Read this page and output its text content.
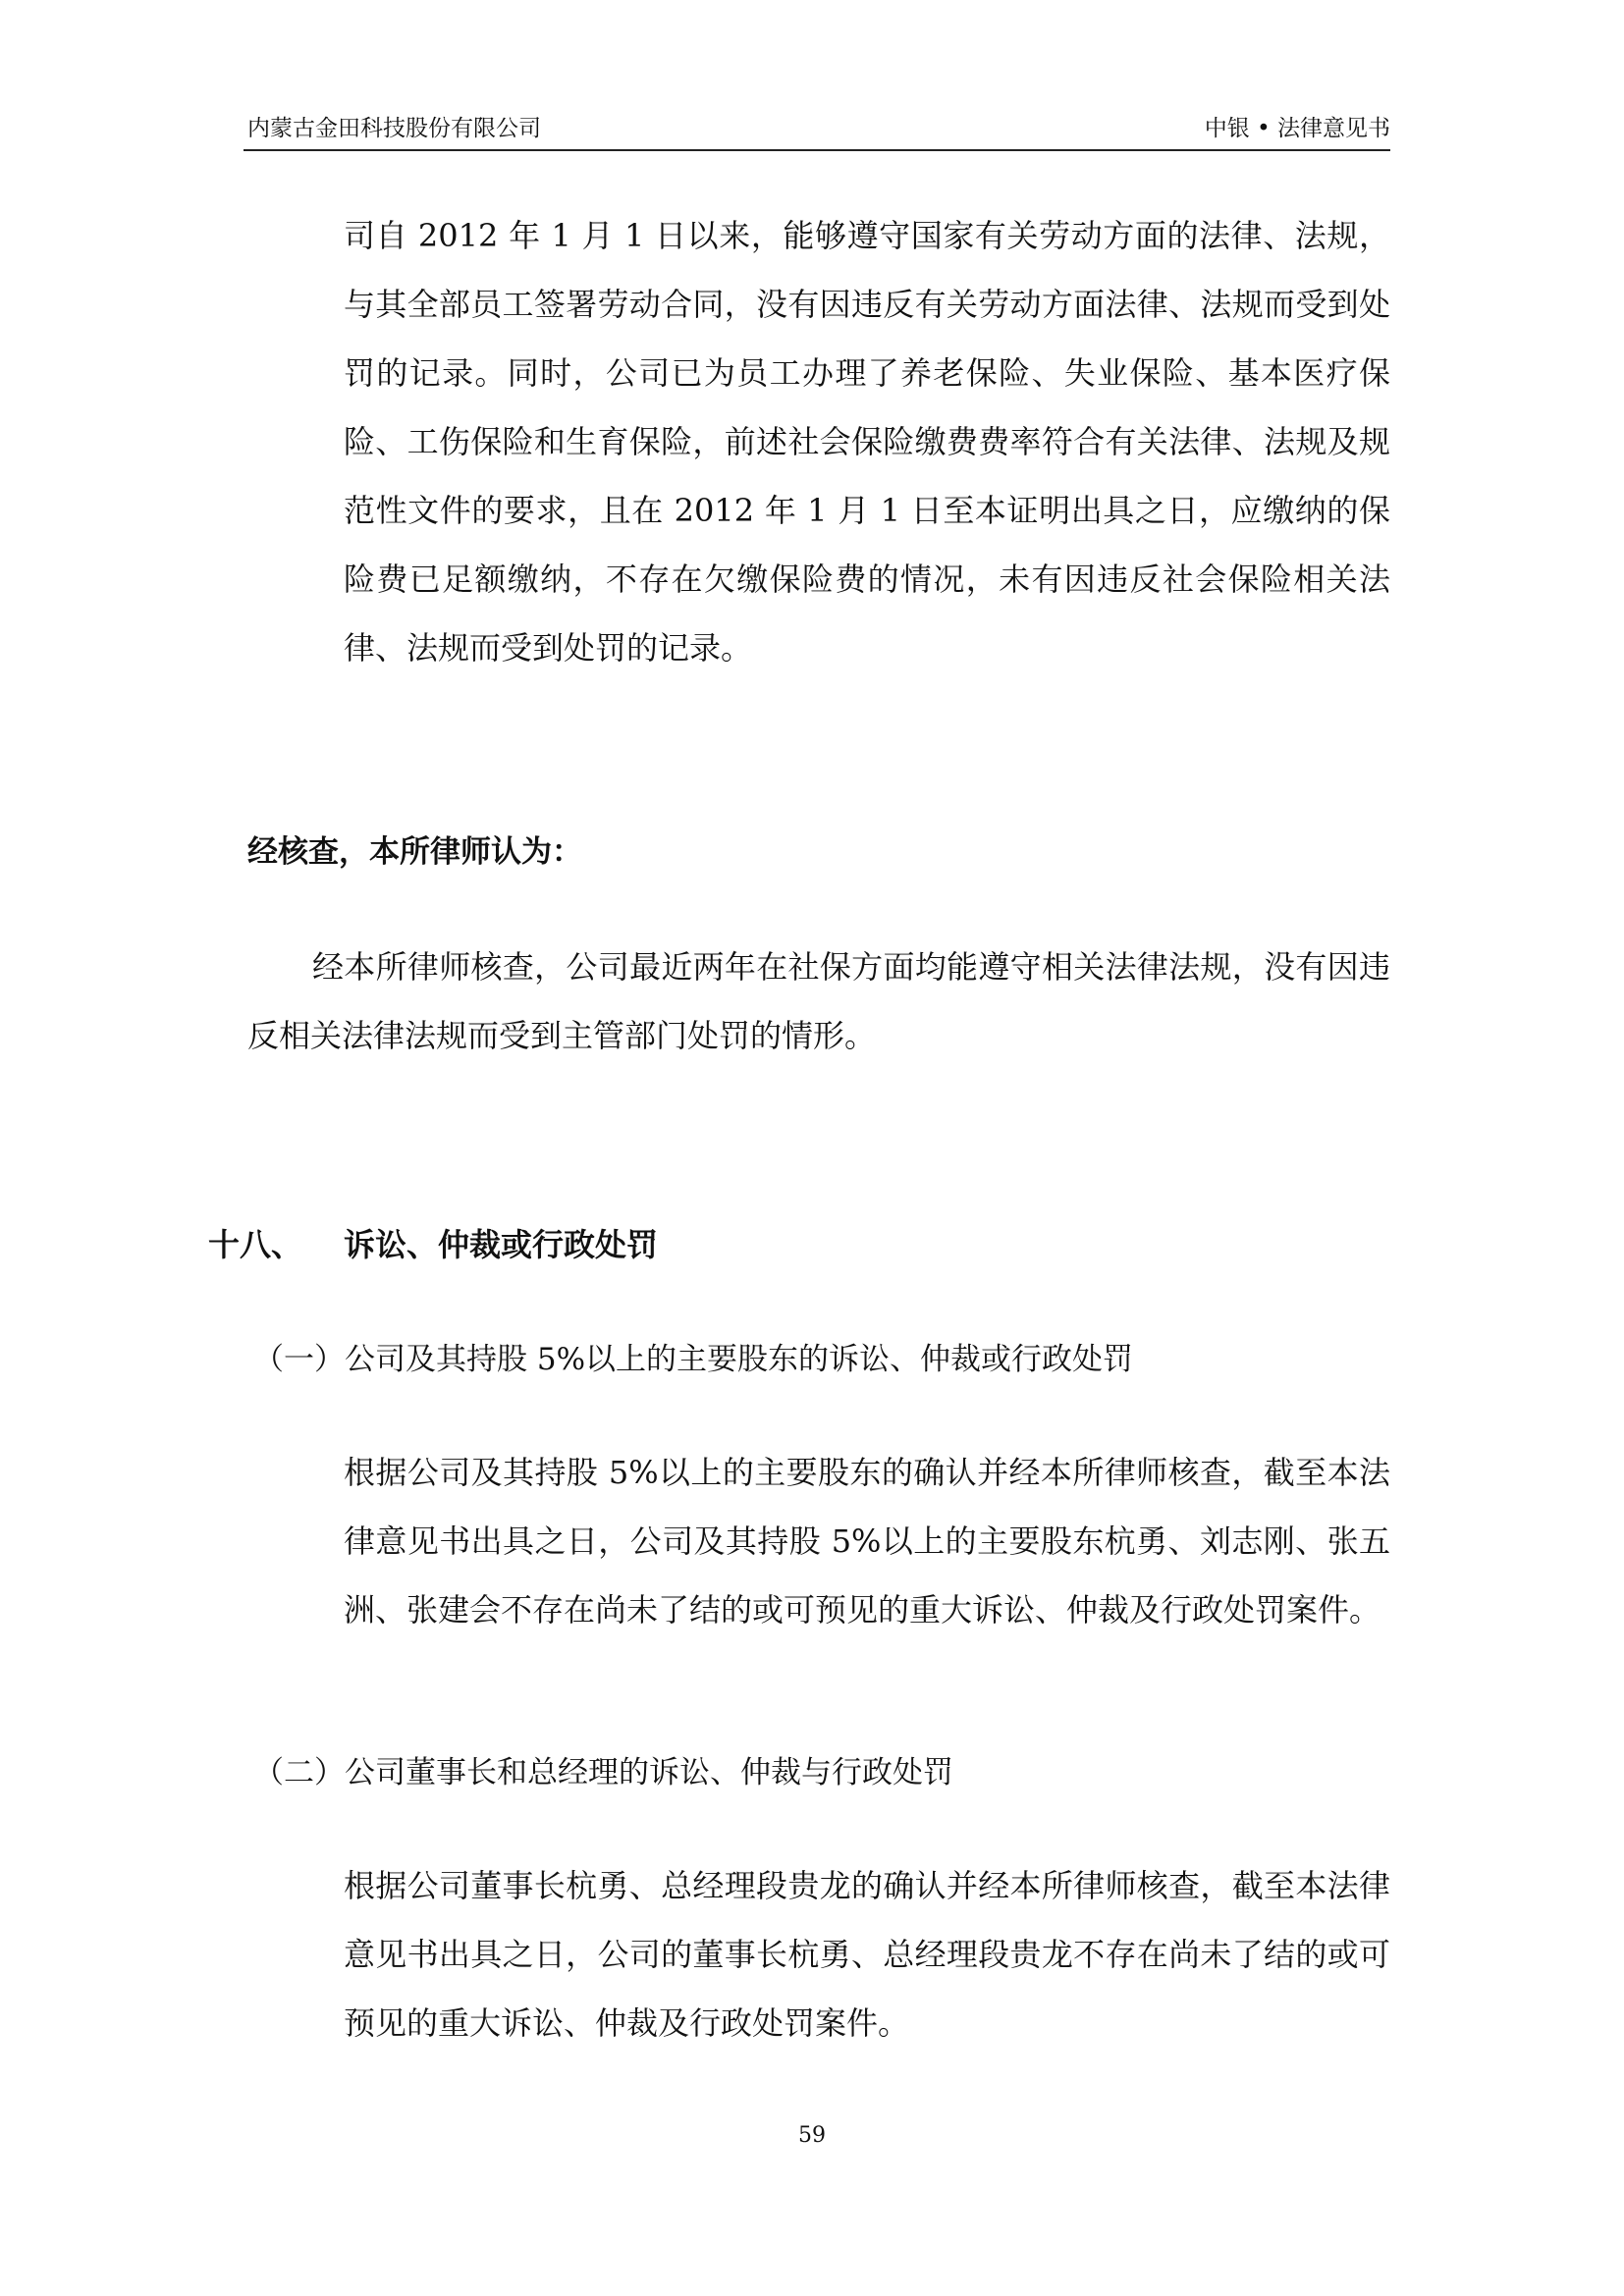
内蒙古金田科技股份有限公司	中银 • 法律意见书

司自 2012 年 1 月 1 日以来，能够遵守国家有关劳动方面的法律、法规，与其全部员工签署劳动合同，没有因违反有关劳动方面法律、法规而受到处罚的记录。同时，公司已为员工办理了养老保险、失业保险、基本医疗保险、工伤保险和生育保险，前述社会保险缴费费率符合有关法律、法规及规范性文件的要求，且在 2012 年 1 月 1 日至本证明出具之日，应缴纳的保险费已足额缴纳，不存在欠缴保险费的情况，未有因违反社会保险相关法律、法规而受到处罚的记录。

经核查，本所律师认为：

经本所律师核查，公司最近两年在社保方面均能遵守相关法律法规，没有因违反相关法律法规而受到主管部门处罚的情形。

十八、 诉讼、仲裁或行政处罚
（一）公司及其持股 5%以上的主要股东的诉讼、仲裁或行政处罚

根据公司及其持股 5%以上的主要股东的确认并经本所律师核查，截至本法律意见书出具之日，公司及其持股 5%以上的主要股东杭勇、刘志刚、张五洲、张建会不存在尚未了结的或可预见的重大诉讼、仲裁及行政处罚案件。

（二）公司董事长和总经理的诉讼、仲裁与行政处罚

根据公司董事长杭勇、总经理段贵龙的确认并经本所律师核查，截至本法律意见书出具之日，公司的董事长杭勇、总经理段贵龙不存在尚未了结的或可预见的重大诉讼、仲裁及行政处罚案件。

59
